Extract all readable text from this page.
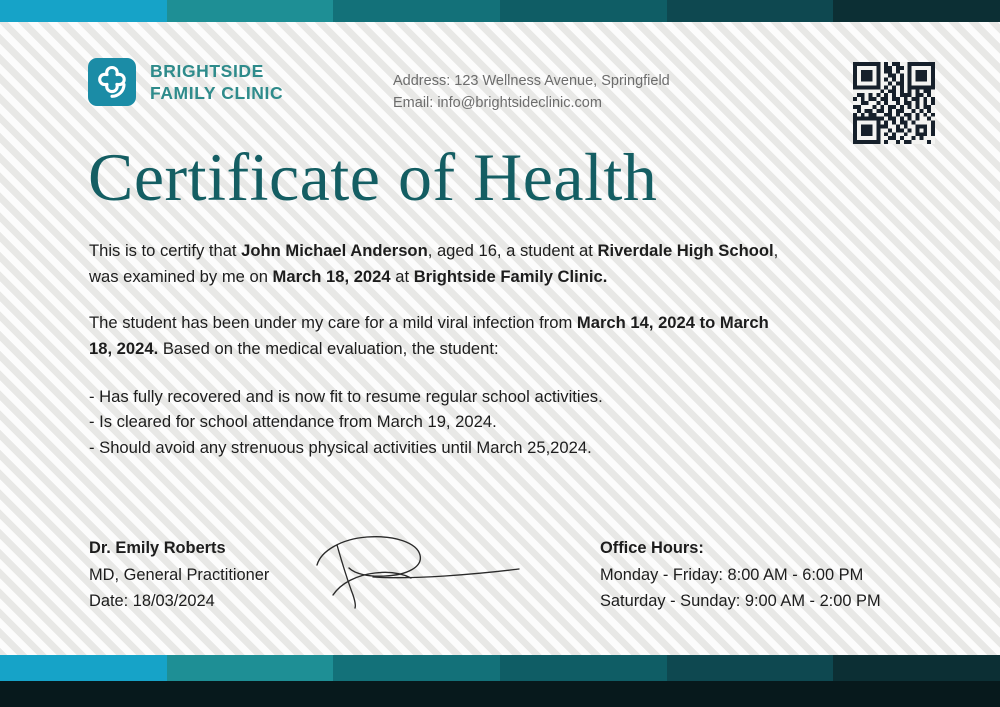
BRIGHTSIDE
FAMILY CLINIC
Address: 123 Wellness Avenue, Springfield
Email: info@brightsideclinic.com
Certificate of Health

This is to certify that John Michael Anderson, aged 16, a student at Riverdale High School, was examined by me on March 18, 2024 at Brightside Family Clinic.

The student has been under my care for a mild viral infection from March 14, 2024 to March 18, 2024. Based on the medical evaluation, the student:

- Has fully recovered and is now fit to resume regular school activities.
- Is cleared for school attendance from March 19, 2024.
- Should avoid any strenuous physical activities until March 25,2024.
Dr. Emily Roberts
MD, General Practitioner
Date: 18/03/2024
Office Hours:
Monday - Friday: 8:00 AM - 6:00 PM
Saturday - Sunday: 9:00 AM - 2:00 PM
